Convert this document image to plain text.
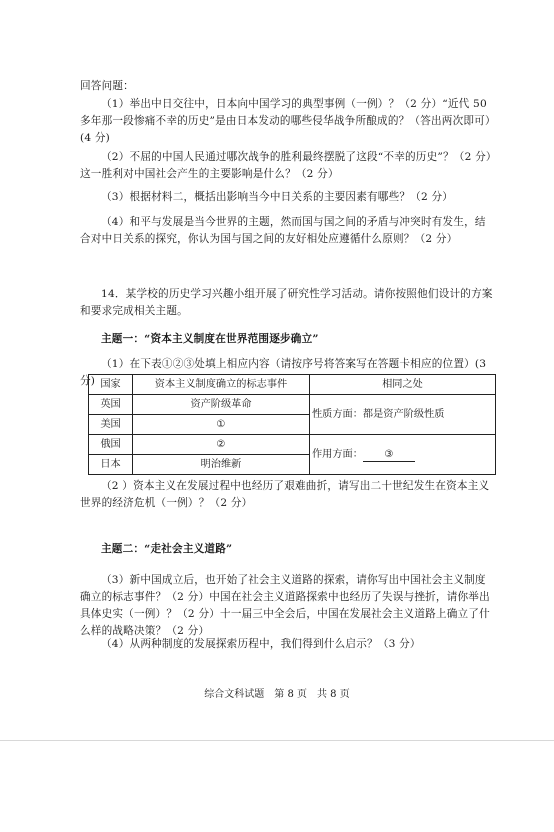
回答问题：

（1）举出中日交往中，日本向中国学习的典型事例（一例）？（2 分）“近代 50 多年那一段惨痛不幸的历史”是由日本发动的哪些侵华战争所酿成的？（答出两次即可）(4 分)

（2）不屈的中国人民通过哪次战争的胜利最终摆脱了这段“不幸的历史”？（2 分）这一胜利对中国社会产生的主要影响是什么？（2 分）

（3）根据材料二，概括出影响当今中日关系的主要因素有哪些？（2 分）

（4）和平与发展是当今世界的主题，然而国与国之间的矛盾与冲突时有发生，结合对中日关系的探究，你认为国与国之间的友好相处应遵循什么原则？（2 分）

14．某学校的历史学习兴趣小组开展了研究性学习活动。请你按照他们设计的方案和要求完成相关主题。

主题一：“资本主义制度在世界范围逐步确立”

（1）在下表①②③处填上相应内容（请按序号将答案写在答题卡相应的位置）(3 分) 国家	资本主义制度确立的标志事件	相同之处
英国	资产阶级革命	性质方面：都是资产阶级性质
美国	①	
俄国	②	作用方面： ③
日本	明治维新	

（2 ）资本主义在发展过程中也经历了艰难曲折，请写出二十世纪发生在资本主义世界的经济危机（一例）？（2 分）

主题二：“走社会主义道路”

（3）新中国成立后，也开始了社会主义道路的探索，请你写出中国社会主义制度确立的标志事件？（2 分）中国在社会主义道路探索中也经历了失误与挫折，请你举出具体史实（一例）？（2 分）十一届三中全会后，中国在发展社会主义道路上确立了什么样的战略决策？（2 分）

（4）从两种制度的发展探索历程中，我们得到什么启示？（3 分）

综合文科试题　第 8 页　共 8 页
